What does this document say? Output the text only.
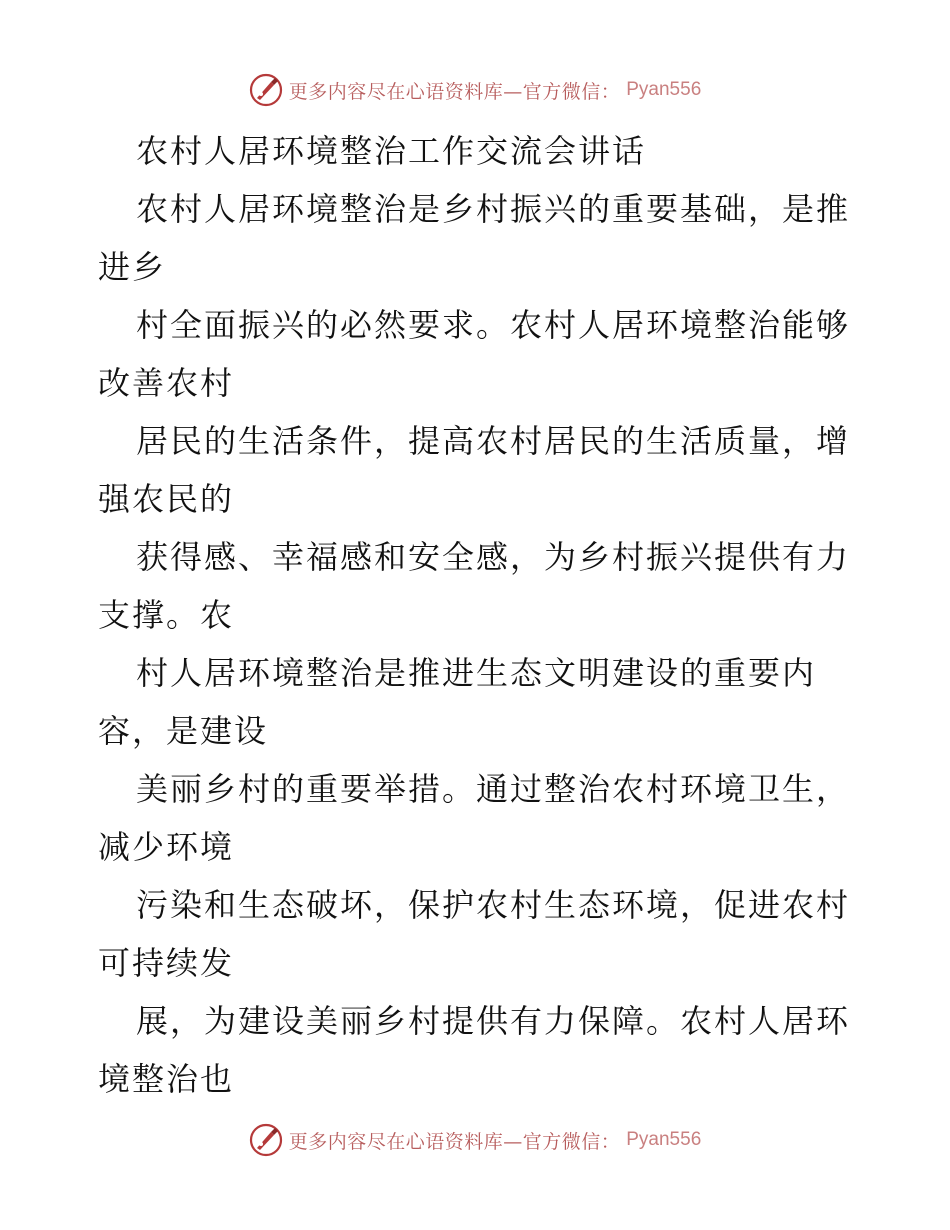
更多内容尽在心语资料库—官方微信： Pyan556
农村人居环境整治工作交流会讲话
农村人居环境整治是乡村振兴的重要基础，是推
进乡
村全面振兴的必然要求。农村人居环境整治能够
改善农村
居民的生活条件，提高农村居民的生活质量，增
强农民的
获得感、幸福感和安全感，为乡村振兴提供有力
支撑。农
村人居环境整治是推进生态文明建设的重要内
容，是建设
美丽乡村的重要举措。通过整治农村环境卫生，
减少环境
污染和生态破坏，保护农村生态环境，促进农村
可持续发
展，为建设美丽乡村提供有力保障。农村人居环
境整治也
更多内容尽在心语资料库—官方微信： Pyan556
